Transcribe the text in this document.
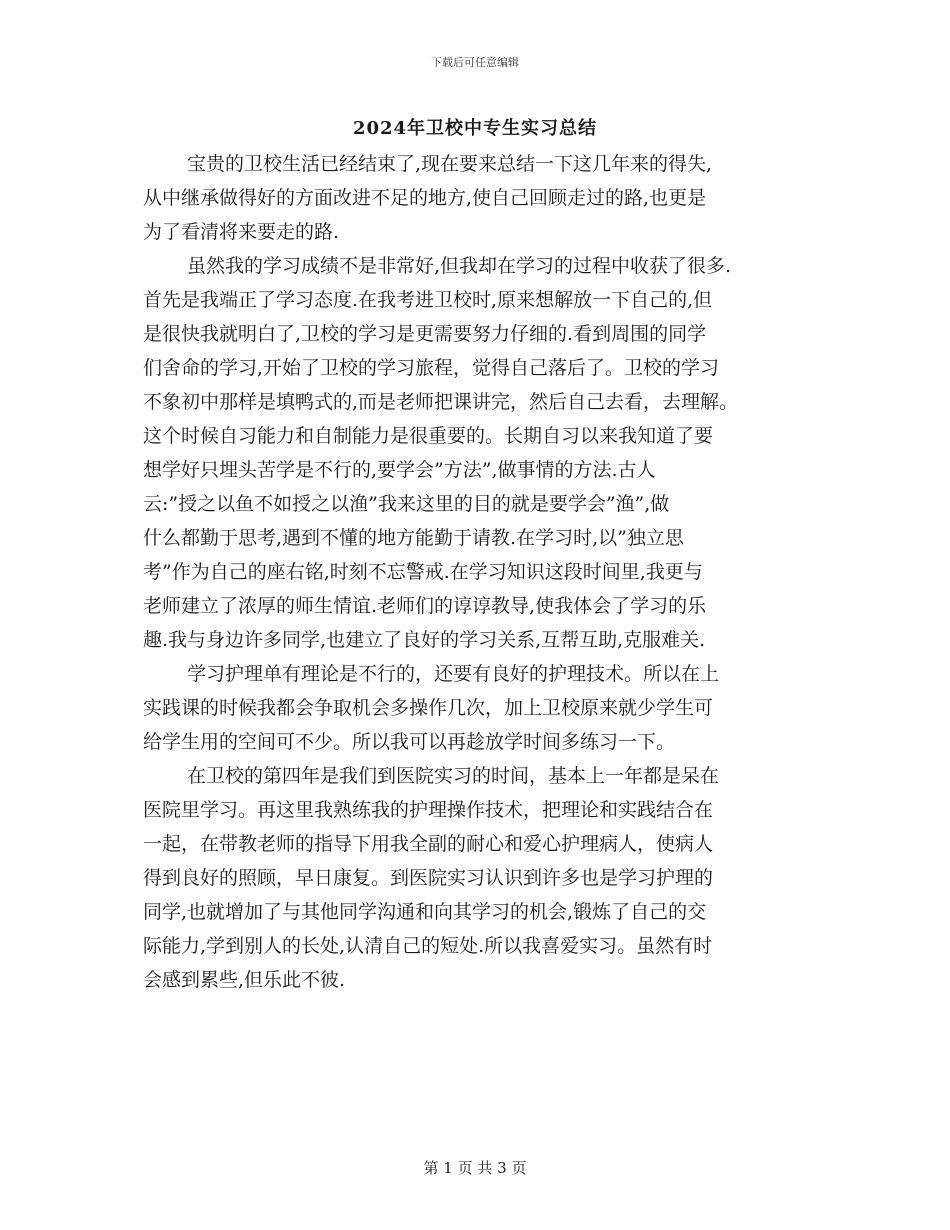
下载后可任意编辑
2024年卫校中专生实习总结
宝贵的卫校生活已经结束了,现在要来总结一下这几年来的得失,
从中继承做得好的方面改进不足的地方,使自己回顾走过的路,也更是
为了看清将来要走的路.
虽然我的学习成绩不是非常好,但我却在学习的过程中收获了很多.
首先是我端正了学习态度.在我考进卫校时,原来想解放一下自己的,但
是很快我就明白了,卫校的学习是更需要努力仔细的.看到周围的同学
们舍命的学习,开始了卫校的学习旅程，觉得自己落后了。卫校的学习
不象初中那样是填鸭式的,而是老师把课讲完，然后自己去看，去理解。
这个时候自习能力和自制能力是很重要的。长期自习以来我知道了要
想学好只埋头苦学是不行的,要学会”方法”,做事情的方法.古人
云:”授之以鱼不如授之以渔”我来这里的目的就是要学会”渔”,做
什么都勤于思考,遇到不懂的地方能勤于请教.在学习时,以”独立思
考”作为自己的座右铭,时刻不忘警戒.在学习知识这段时间里,我更与
老师建立了浓厚的师生情谊.老师们的谆谆教导,使我体会了学习的乐
趣.我与身边许多同学,也建立了良好的学习关系,互帮互助,克服难关.
学习护理单有理论是不行的，还要有良好的护理技术。所以在上
实践课的时候我都会争取机会多操作几次，加上卫校原来就少学生可
给学生用的空间可不少。所以我可以再趁放学时间多练习一下。
在卫校的第四年是我们到医院实习的时间，基本上一年都是呆在
医院里学习。再这里我熟练我的护理操作技术，把理论和实践结合在
一起，在带教老师的指导下用我全副的耐心和爱心护理病人，使病人
得到良好的照顾，早日康复。到医院实习认识到许多也是学习护理的
同学,也就增加了与其他同学沟通和向其学习的机会,锻炼了自己的交
际能力,学到别人的长处,认清自己的短处.所以我喜爱实习。虽然有时
会感到累些,但乐此不彼.
第 1 页 共 3 页
